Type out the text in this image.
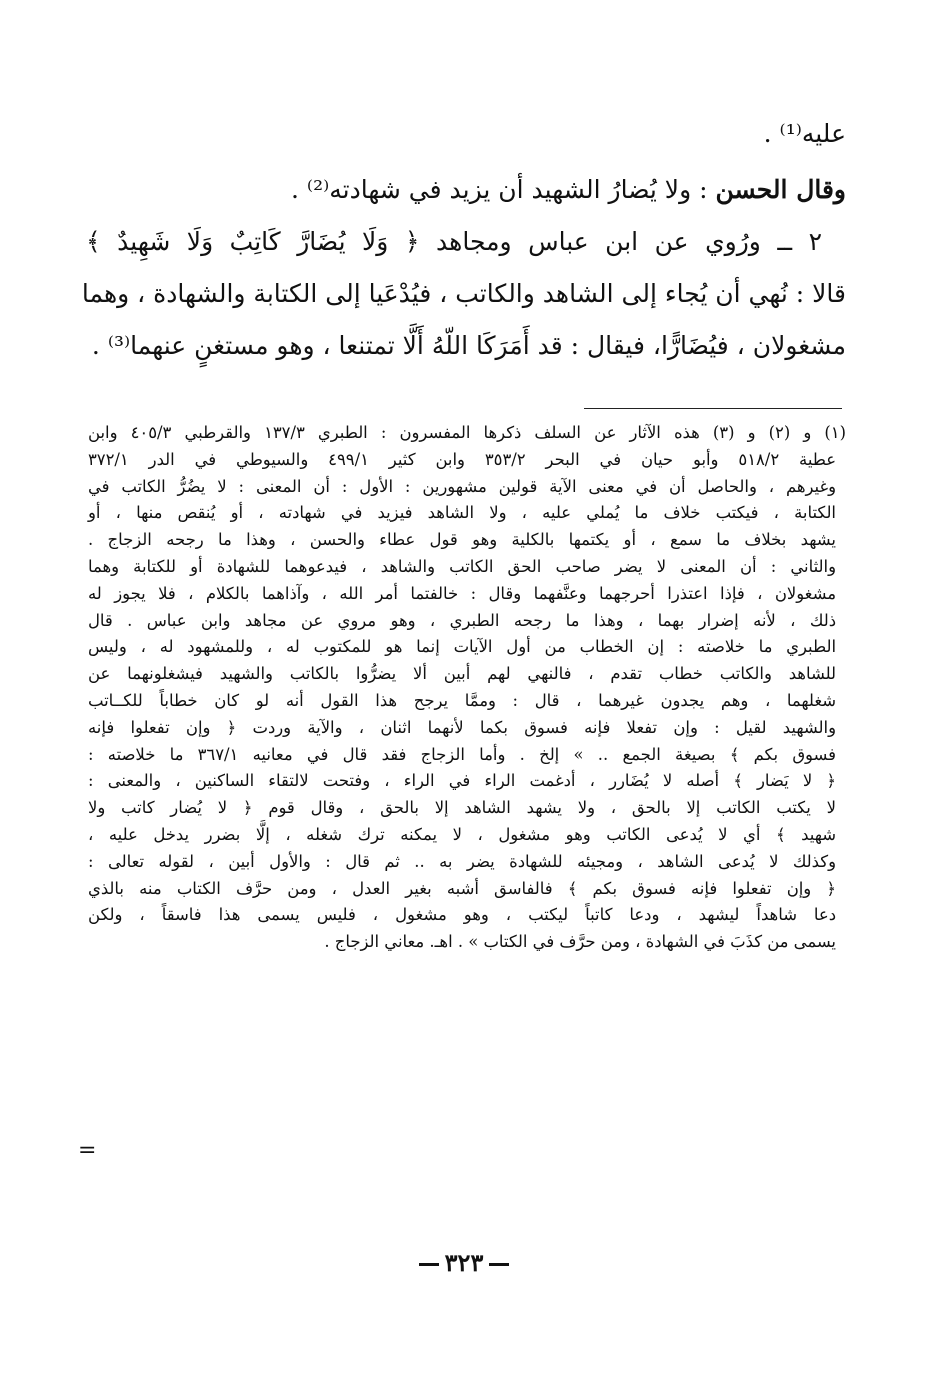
عليه⁽¹⁾ .

وقال الحسن : ولا يُضارُ الشهيد أن يزيد في شهادته⁽²⁾ .

٢ ــ ورُوي عن ابن عباس ومجاهد ﴿ وَلَا يُضَارَّ كَاتِبٌ وَلَا شَهِيدٌ ﴾

قالا : نُهي أن يُجاء إلى الشاهد والكاتب ، فيُدْعَيا إلى الكتابة والشهادة ، وهما

مشغولان ، فيُضَارًّا، فيقال : قد أَمَرَكَا اللّهُ أَلَّا تمتنعا ، وهو مستغنٍ عنهما⁽³⁾ .

(١) و (٢) و (٣) هذه الآثار عن السلف ذكرها المفسرون : الطبري ١٣٧/٣ والقرطبي ٤٠٥/٣ وابن
عطية ٥١٨/٢ وأبو حيان في البحر ٣٥٣/٢ وابن كثير ٤٩٩/١ والسيوطي في الدر ٣٧٢/١
وغيرهم ، والحاصل أن في معنى الآية قولين مشهورين : الأول : أن المعنى : لا يضُرُّ الكاتب في
الكتابة ، فيكتب خلاف ما يُملي عليه ، ولا الشاهد فيزيد في شهادته ، أو يُنقص منها ، أو
يشهد بخلاف ما سمع ، أو يكتمها بالكلية وهو قول عطاء والحسن ، وهذا ما رجحه الزجاج .
والثاني : أن المعنى لا يضر صاحب الحق الكاتب والشاهد ، فيدعوهما للشهادة أو للكتابة وهما
مشغولان ، فإذا اعتذرا أحرجهما وعنَّفهما وقال : خالفتما أمر الله ، وآذاهما بالكلام ، فلا يجوز له
ذلك ، لأنه إضرار بهما ، وهذا ما رجحه الطبري ، وهو مروي عن مجاهد وابن عباس . قال
الطبري ما خلاصته : إن الخطاب من أول الآيات إنما هو للمكتوب له ، وللمشهود له ، وليس
للشاهد والكاتب خطاب تقدم ، فالنهي لهم أبين ألا يضرُّوا بالكاتب والشهيد فيشغلونهما عن
شغلهما ، وهم يجدون غيرهما ، قال : وممَّا يرجح هذا القول أنه لو كان خطاباً للكــاتب
والشهيد لقيل : وإن تفعلا فإنه فسوق بكما لأنهما اثنان ، والآية وردت ﴿ وإن تفعلوا فإنه
فسوق بكم ﴾ بصيغة الجمع .. » إلخ . وأما الزجاج فقد قال في معانيه ٣٦٧/١ ما خلاصته :
﴿ لا يَضار ﴾ أصله لا يُضَارر ، أدغمت الراء في الراء ، وفتحت لالتقاء الساكنين ، والمعنى :
لا يكتب الكاتب إلا بالحق ، ولا يشهد الشاهد إلا بالحق ، وقال قوم ﴿ لا يُضار كاتب ولا
شهيد ﴾ أي لا يُدعى الكاتب وهو مشغول ، لا يمكنه ترك شغله ، إلَّا بضرر يدخل عليه ،
وكذلك لا يُدعى الشاهد ، ومجيئه للشهادة يضر به .. ثم قال : والأول أبين ، لقوله تعالى :
﴿ وإن تفعلوا فإنه فسوق بكم ﴾ فالفاسق أشبه بغير العدل ، ومن حرَّف الكتاب منه بالذي
دعا شاهداً ليشهد ، ودعا كاتباً ليكتب ، وهو مشغول ، فليس يسمى هذا فاسقاً ، ولكن
يسمى من كذَبَ في الشهادة ، ومن حرَّف في الكتاب » . اهـ. معاني الزجاج .
=
٣٢٣
